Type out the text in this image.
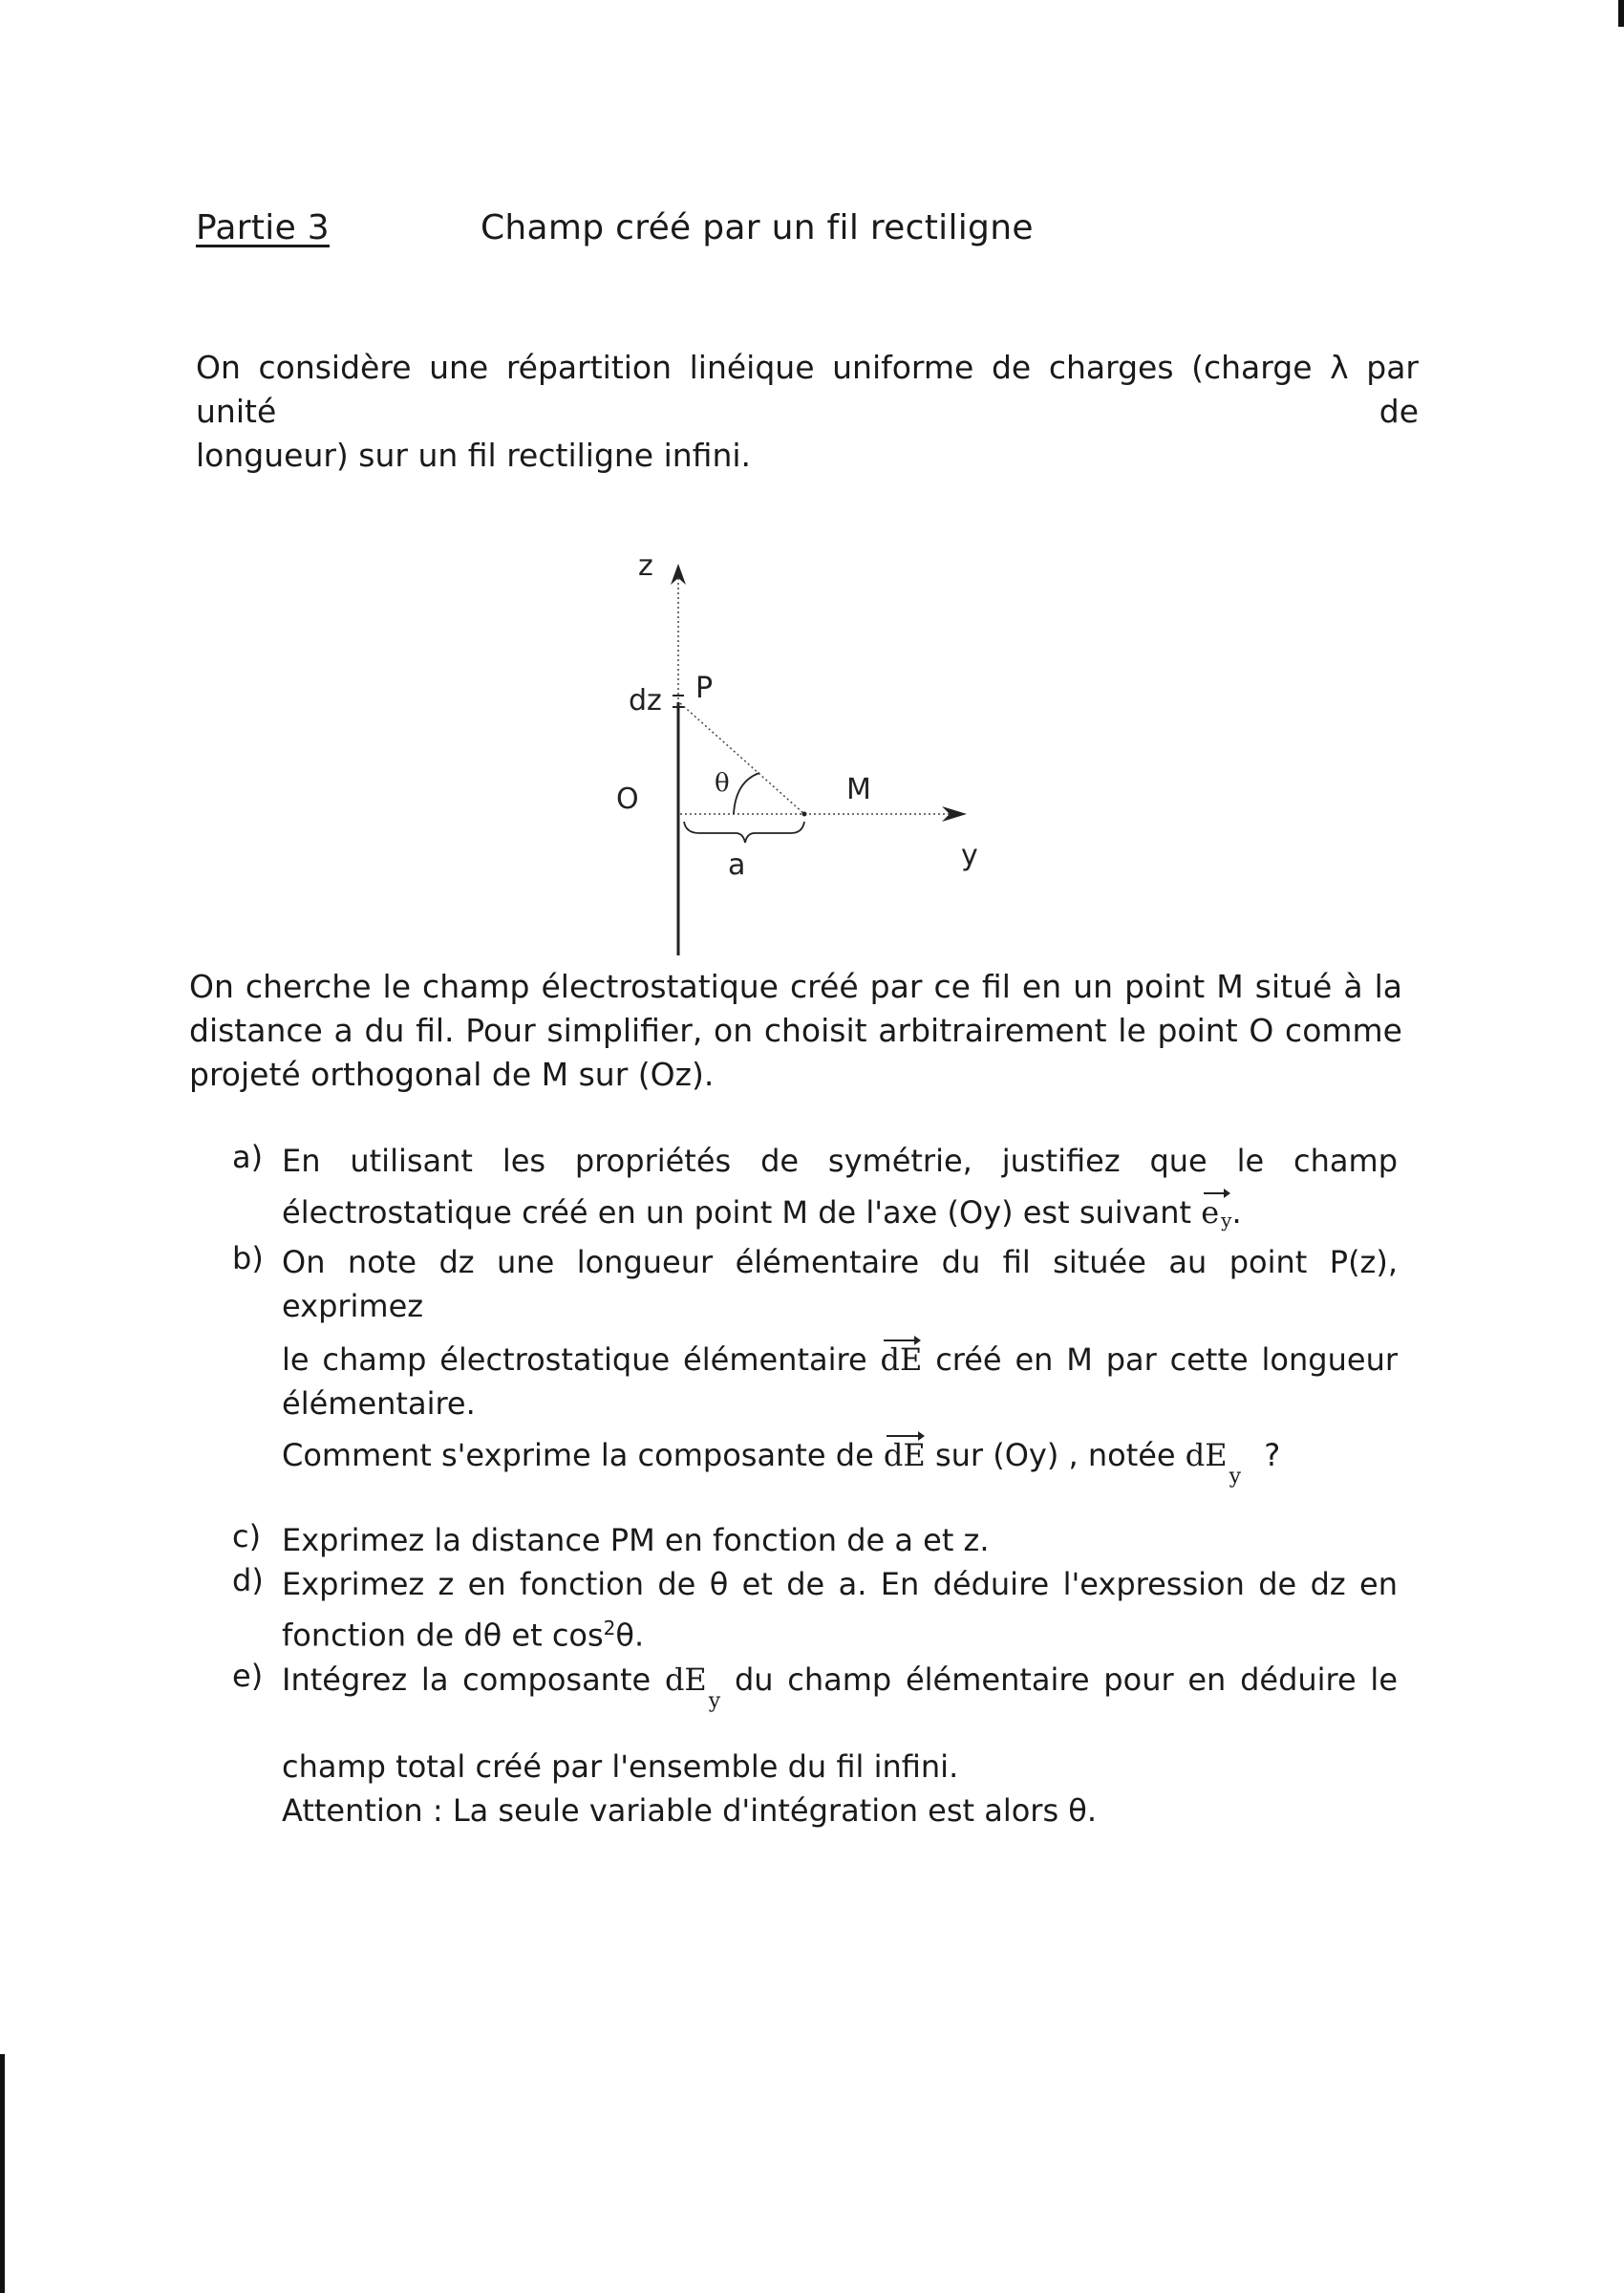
Partie 3	Champ créé par un fil rectiligne
On considère une répartition linéique uniforme de charges (charge λ par unité de
longueur) sur un fil rectiligne infini.
z
dz P
O	θ	M
a	y
On cherche le champ électrostatique créé par ce fil en un point M situé à la
distance a du fil. Pour simplifier, on choisit arbitrairement le point O comme
projeté orthogonal de M sur (Oz).
a) En utilisant les propriétés de symétrie, justifiez que le champ
électrostatique créé en un point M de l'axe (Oy) est suivant e y.
b) On note dz une longueur élémentaire du fil située au point P(z), exprimez
le champ électrostatique élémentaire dE créé en M par cette longueur
élémentaire.
Comment s'exprime la composante de dE sur (Oy) , notée $dE_y$ ?
c) Exprimez la distance PM en fonction de a et z.
d) Exprimez z en fonction de θ et de a. En déduire l'expression de dz en
fonction de dθ et $\cos^2\theta$.
e) Intégrez la composante $dE_y$ du champ élémentaire pour en déduire le
champ total créé par l'ensemble du fil infini.
Attention : La seule variable d'intégration est alors θ.
